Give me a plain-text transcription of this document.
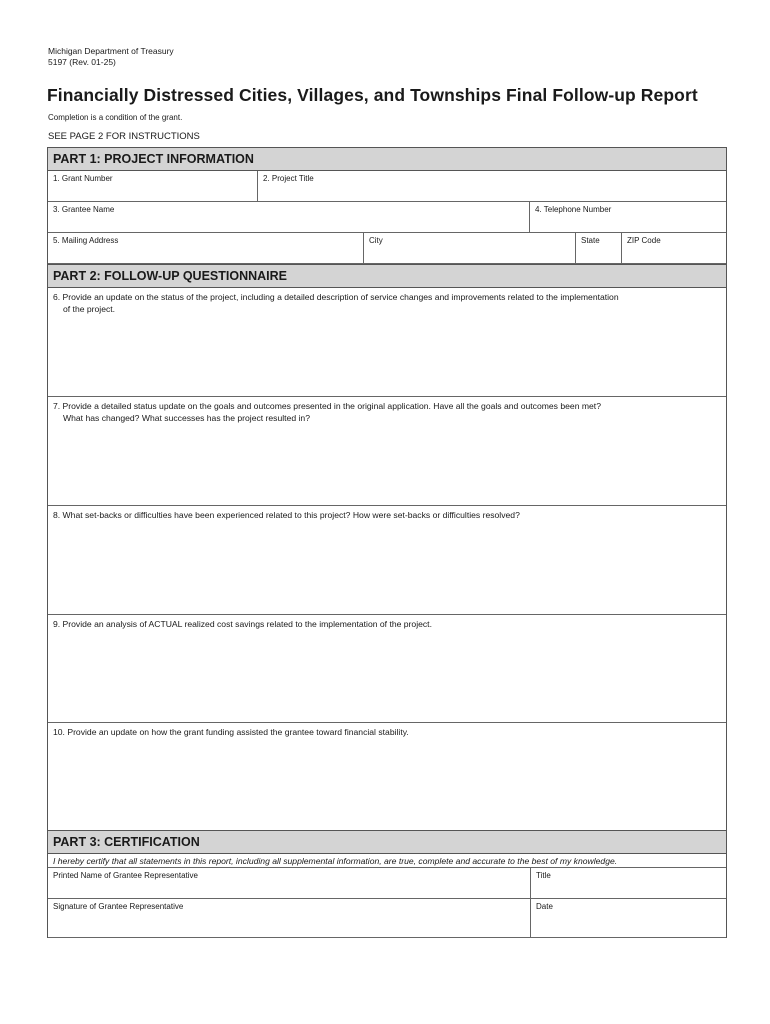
Michigan Department of Treasury
5197 (Rev. 01-25)
Financially Distressed Cities, Villages, and Townships Final Follow-up Report
Completion is a condition of the grant.
SEE PAGE 2 FOR INSTRUCTIONS
PART 1: PROJECT INFORMATION
1. Grant Number	2. Project Title
3. Grantee Name	4. Telephone Number
5. Mailing Address	City	State	ZIP Code
PART 2: FOLLOW-UP QUESTIONNAIRE
6. Provide an update on the status of the project, including a detailed description of service changes and improvements related to the implementation
of the project.
7. Provide a detailed status update on the goals and outcomes presented in the original application. Have all the goals and outcomes been met?
What has changed? What successes has the project resulted in?
8. What set-backs or difficulties have been experienced related to this project? How were set-backs or difficulties resolved?
9. Provide an analysis of ACTUAL realized cost savings related to the implementation of the project.
10. Provide an update on how the grant funding assisted the grantee toward financial stability.
PART 3: CERTIFICATION
I hereby certify that all statements in this report, including all supplemental information, are true, complete and accurate to the best of my knowledge.
Printed Name of Grantee Representative	Title
Signature of Grantee Representative	Date
